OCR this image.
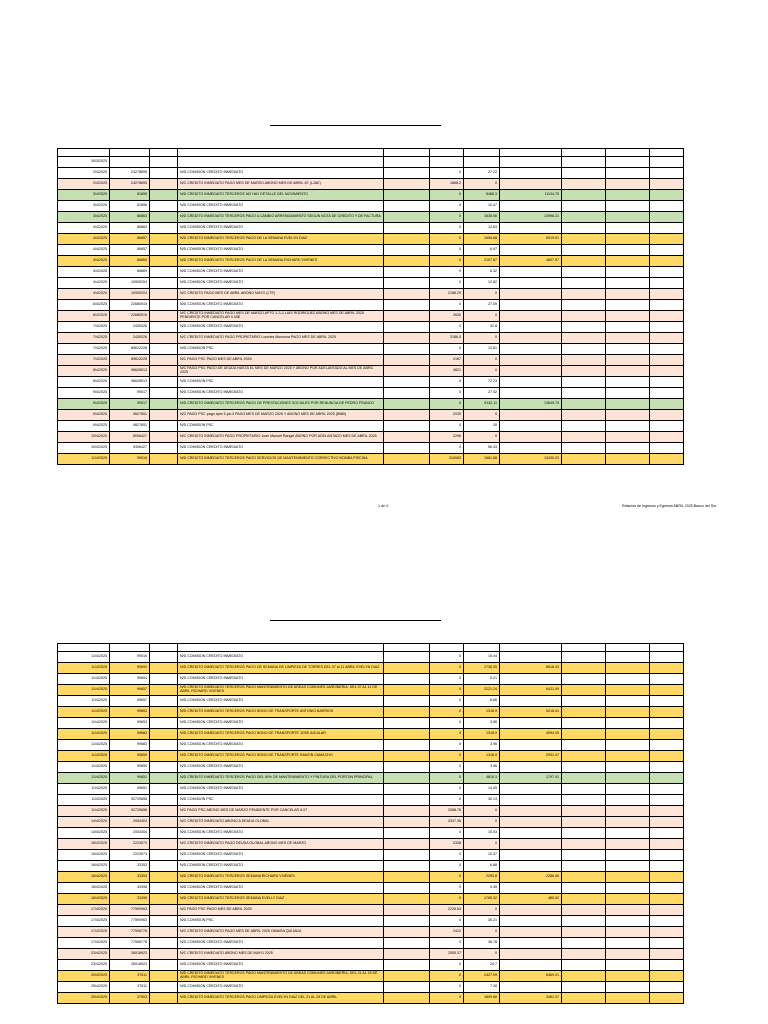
30/3/2025										
2/4/2025	24278895		N/D COMISION CREDITO INMEDIATO		0	27.22				
2/4/2025	24278895		N/C CREDITO INMEDIATO PAGO MES DE MARZO ABONO MES DE ABRIL 2E (LJAE)		1868.2	0				
3/4/2025	81896		N/D CREDITO INMEDIATO TERCEROS NO HAY DETALLE DEL MOVIMIENTO		0	5468.3	11134.75			
3/4/2025	81896		N/D COMISION CREDITO INMEDIATO		0	10.47				
3/4/2025	86863		N/D CREDITO INMEDIATO TERCEROS PAGO A CAMBIO ARRENDAMIENTO SEGUN NOTA DE CREDITO Y DE FACTURA		0	1638.06	13996.21			
4/4/2025	86863		N/D COMISION CREDITO INMEDIATO		0	12.63				
4/4/2025	86857		N/D CREDITO INMEDIATO TERCEROS PAGO DE LA SEMANA EVELYN DIAZ		0	1656.68	8919.91			
4/4/2025	86857		N/D COMISION CREDITO INMEDIATO		0	6.97				
4/4/2025	86869		N/D CREDITO INMEDIATO TERCEROS PAGO DE LA SEMANA RICHARD VIVENES		0	2107.87	4807.97			
4/4/2025	86869		N/D COMISION CREDITO INMEDIATO		0	6.32				
4/4/2025	10905204		N/D COMISION CREDITO INMEDIATO		0	12.82				
4/4/2025	10905204		N/C CREDITO PAGO MES DE ABRIL ABONO MAYO (LTE)		2188.29	0				
6/4/2025	22680915		N/D COMISION CREDITO INMEDIATO		0	27.59				
6/4/2025	22680915		N/C CREDITO INMEDIATO PAGO MES DE MARZO APTO 1-3-2 LUIS RODRIGUEZ ABONO MES DE ABRIL 2025 PENDIENTE POR CANCELAR 0.00$		2630	0				
7/4/2025	2430026		N/D COMISION CREDITO INMEDIATO		0	32.8				
7/4/2025	2430026		N/C CREDITO INMEDIATO PAGO PROPIETARIO Lourdes Mussona PAGO MES DE ABRIL 2025		2186.5	0				
7/4/2025	89612228		N/D COMISION PSC		0	12.81				
7/4/2025	89612228		N/C PAGO PSC PAGO MES DE ABRIL 2025		2187	0				
8/4/2025	96628913		N/C PAGO PSC PAGO DE DEUDA HASTA EL MES DE MARZO 2025 Y ABONO POR ADELANTADO AL MES DE ABRIL 2025		4821	0				
8/4/2025	96628913		N/D COMISION PSC		0	72.23				
9/4/2025	99017		N/D COMISION CREDITO INMEDIATO		0	27.42				
9/4/2025	99017		N/D CREDITO INMEDIATO TERCEROS PAGO DE PRESTACIONES SOCIALES POR RENUNCIA DE PEDRO FRANCO		0	9142.11	13649.75			
9/4/2025	9827651		N/C PAGO PSC pago apto 5-pb-3 PAGO MES DE MARZO 2025 Y ABONO MES DE ABRIL 2025 ($980)		2030	0				
9/4/2025	9827651		N/D COMISION PSC		0	30				
10/4/2025	8006427		N/C CREDITO INMEDIATO PAGO PROPIETARIO Juan Manuel Rangel ABONO POR ADELANTADO MES DE ABRIL 2025		2296	0				
10/4/2025	9306427		N/D COMISION CREDITO INMEDIATO		0	56.43				
11/4/2025	99016		N/D CREDITO INMEDIATO TERCEROS PAGO SERVICIOS DE MANTENIMIENTO CORRECTIVO BOMBA PISCINA		310083	1681.88	13430.23			
1 de 4	Relación de Ingresos y Egresos ABRIL 2025 Banco del Sur

11/4/2025	99016		N/D COMISION CREDITO INMEDIATO		0	15.44				
11/4/2025	99694		N/D CREDITO INMEDIATO TERCEROS PAGO DE SEMANA DE LIMPIEZA DE TORRES DEL 07 al 11 ABRIL EVELYN DIAZ		0	1738.35	8618.43			
11/4/2025	99694		N/D COMISION CREDITO INMEDIATO		0	5.21				
11/4/2025	99657		N/D CREDITO INMEDIATO TERCEROS PAGO MANTENIMIENTO DE AREAS COMUNES JARDINERIA, DEL 07 AL 11 DE ABRIL RICHARD VIVENES		0	2221.24	6421.99			
11/4/2025	99657		N/D COMISION CREDITO INMEDIATO		0	6.66				
11/4/2025	99653		N/D CREDITO INMEDIATO TERCEROS PAGO BONO DE TRANSPORTE ANTONIO BARRIOS		0	1318.9	5216.41			
11/4/2025	99653		N/D COMISION CREDITO INMEDIATO		0	3.96				
11/4/2025	99683		N/D CREDITO INMEDIATO TERCEROS PAGO BONO DE TRANSPORTE JOSE AGUILAR		0	1318.9	4094.05			
11/4/2025	99683		N/D COMISION CREDITO INMEDIATO		0	3.96				
11/4/2025	99659		N/D CREDITO INMEDIATO TERCEROS PAGO BONO DE TRANSPORTE RAMON CAMACHO		0	1318.9	2931.47			
11/4/2025	99659		N/D COMISION CREDITO INMEDIATO		0	3.96				
11/4/2025	99651		N/D CREDITO INMEDIATO TERCEROS PAGO DEL 50% DE MANTENIMIENTO Y PINTURA DEL PORTON PRINCIPAL		0	4819.3	1797.41			
11/4/2025	99651		N/D COMISION CREDITO INMEDIATO		0	14.45				
11/4/2025	92729658		N/D COMISION PSC		0	30.13				
11/4/2025	92729658		N/C PAGO PSC ABONO MES DE MARZO PENDIENTE POR CANCELAR 8.07		2088.78	0				
14/4/2025	2053404		N/C CREDITO INMEDIATO ABONO A DEUDA GLOBAL		3337.36	0				
14/4/2025	2053404		N/D COMISION CREDITO INMEDIATO		0	10.03				
15/4/2025	2223973		N/C CREDITO INMEDIATO PAGO DEUDA GLOBAL ABONO MES DE MARZO		2338	0				
15/4/2025	2223973		N/D COMISION CREDITO INMEDIATO		0	10.37				
16/4/2025	33353		N/D COMISION CREDITO INMEDIATO		0	6.88				
16/4/2025	33353		N/D CREDITO INMEDIATO TERCEROS SEMANA RICHARD VIVENES		0	2293.8	2286.06			
16/4/2025	33398		N/D COMISION CREDITO INMEDIATO		0	5.35				
16/4/2025	33398		N/D CREDITO INMEDIATO TERCEROS SEMANA EVELLY DIAZ		0	1785.32	485.52			
17/4/2025	77590963		N/C PAGO PSC PAGO MES DE ABRIL 2025		2226.54	0				
17/4/2025	77590963		N/D COMISION PSC		0	36.21				
17/4/2025	77596778		N/C CREDITO INMEDIATO PAGO MES DE ABRIL 2025 OMAIRA QUIJADA		2412	0				
17/4/2025	77596778		N/D COMISION CREDITO INMEDIATO		0	36.78				
23/4/2025	26018923		N/C CREDITO INMEDIATO ABONO MES DE MAYO 2025		2555.37	0				
23/4/2025	26018923		N/D COMISION CREDITO INMEDIATO		0	24.7				
25/4/2025	37511		N/D CREDITO INMEDIATO TERCEROS PAGO MANTENIMIENTO DE AREAS COMUNES JARDINERIA, DEL 21 AL 25 DE ABRIL RICHARD VIVENES		0	2427.09	5469.21			
25/4/2025	37511		N/D COMISION CREDITO INMEDIATO		0	7.28				
25/4/2025	37503		N/D CREDITO INMEDIATO TERCEROS PAGO LIMPIEZA EVELYN DIAZ DEL 21 AL 25 DE ABRIL		0	1899.66	3461.37			
